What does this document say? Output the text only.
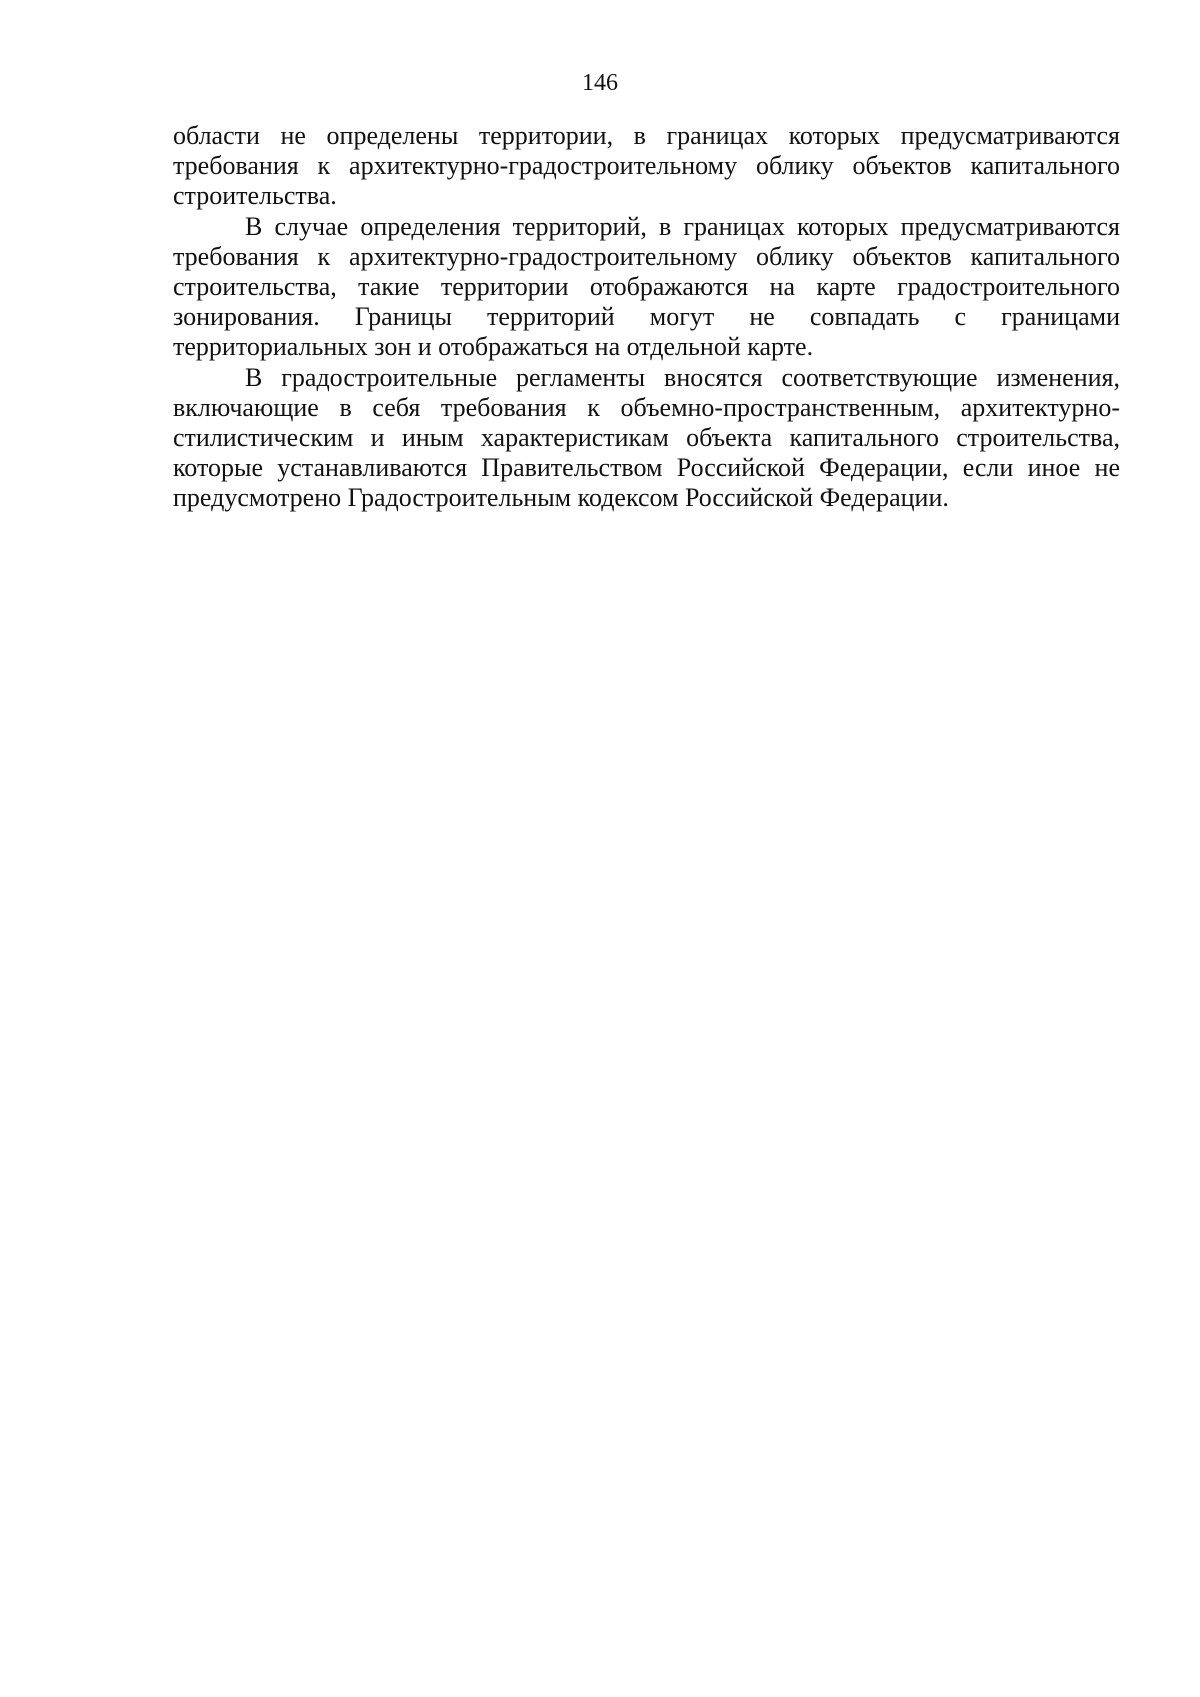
146

области не определены территории, в границах которых предусматриваются требования к архитектурно-градостроительному облику объектов капитального строительства.

В случае определения территорий, в границах которых предусматриваются требования к архитектурно-градостроительному облику объектов капитального строительства, такие территории отображаются на карте градостроительного зонирования. Границы территорий могут не совпадать с границами территориальных зон и отображаться на отдельной карте.

В градостроительные регламенты вносятся соответствующие изменения, включающие в себя требования к объемно-пространственным, архитектурно-стилистическим и иным характеристикам объекта капитального строительства, которые устанавливаются Правительством Российской Федерации, если иное не предусмотрено Градостроительным кодексом Российской Федерации.
